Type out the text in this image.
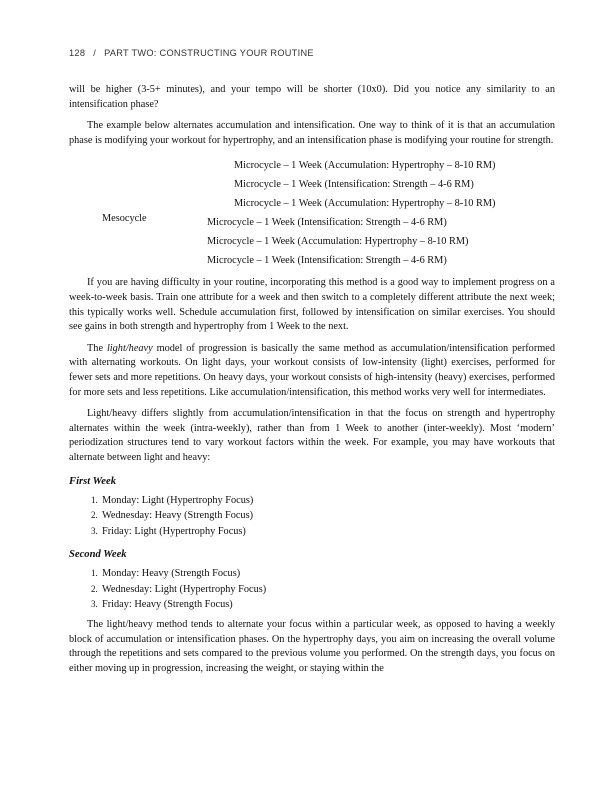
128 / PART TWO: CONSTRUCTING YOUR ROUTINE

will be higher (3-5+ minutes), and your tempo will be shorter (10x0). Did you notice any similarity to an intensification phase?

The example below alternates accumulation and intensification. One way to think of it is that an accumulation phase is modifying your workout for hypertrophy, and an intensification phase is modifying your routine for strength.

Mesocycle
Microcycle – 1 Week (Accumulation: Hypertrophy – 8-10 RM)
Microcycle – 1 Week (Intensification: Strength – 4-6 RM)
Microcycle – 1 Week (Accumulation: Hypertrophy – 8-10 RM)
Microcycle – 1 Week (Intensification: Strength – 4-6 RM)
Microcycle – 1 Week (Accumulation: Hypertrophy – 8-10 RM)
Microcycle – 1 Week (Intensification: Strength – 4-6 RM)

If you are having difficulty in your routine, incorporating this method is a good way to implement progress on a week-to-week basis. Train one attribute for a week and then switch to a completely different attribute the next week; this typically works well. Schedule accumulation first, followed by intensification on similar exercises. You should see gains in both strength and hypertrophy from 1 Week to the next.

The light/heavy model of progression is basically the same method as accumulation/intensification performed with alternating workouts. On light days, your workout consists of low-intensity (light) exercises, performed for fewer sets and more repetitions. On heavy days, your workout consists of high-intensity (heavy) exercises, performed for more sets and less repetitions. Like accumulation/intensification, this method works very well for intermediates.

Light/heavy differs slightly from accumulation/intensification in that the focus on strength and hypertrophy alternates within the week (intra-weekly), rather than from 1 Week to another (inter-weekly). Most ‘modern’ periodization structures tend to vary workout factors within the week. For example, you may have workouts that alternate between light and heavy:

First Week
1. Monday: Light (Hypertrophy Focus)
2. Wednesday: Heavy (Strength Focus)
3. Friday: Light (Hypertrophy Focus)
Second Week
1. Monday: Heavy (Strength Focus)
2. Wednesday: Light (Hypertrophy Focus)
3. Friday: Heavy (Strength Focus)

The light/heavy method tends to alternate your focus within a particular week, as opposed to having a weekly block of accumulation or intensification phases. On the hypertrophy days, you aim on increasing the overall volume through the repetitions and sets compared to the previous volume you performed. On the strength days, you focus on either moving up in progression, increasing the weight, or staying within the
